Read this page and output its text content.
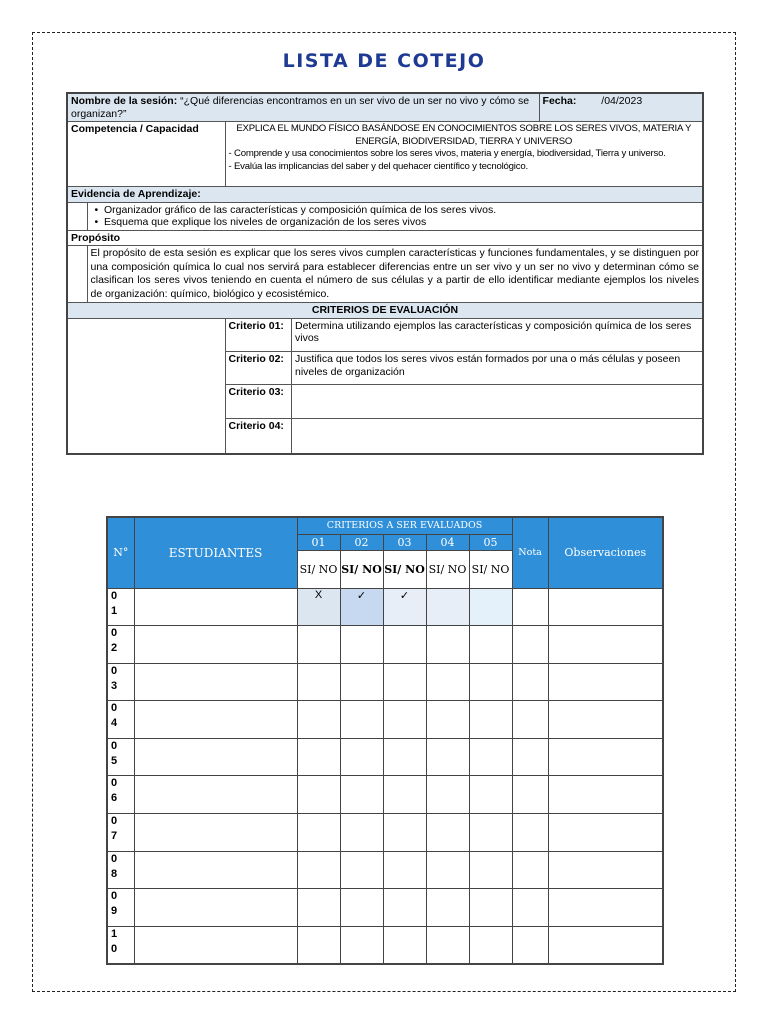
LISTA DE COTEJO
Nombre de la sesión: “¿Qué diferencias encontramos en un ser vivo de un ser no vivo y cómo se organizan?”	Fecha: /04/2023
Competencia / Capacidad	EXPLICA EL MUNDO FÍSICO BASÁNDOSE EN CONOCIMIENTOS SOBRE LOS SERES VIVOS, MATERIA Y ENERGÍA, BIODIVERSIDAD, TIERRA Y UNIVERSO
- Comprende y usa conocimientos sobre los seres vivos, materia y energía, biodiversidad, Tierra y universo.
- Evalúa las implicancias del saber y del quehacer científico y tecnológico.

Evidencia de Aprendizaje:

•  Organizador gráfico de las características y composición química de los seres vivos.
•  Esquema que explique los niveles de organización de los seres vivos

Propósito
	El propósito de esta sesión es explicar que los seres vivos cumplen características y funciones fundamentales, y se distinguen por una composición química lo cual nos servirá para establecer diferencias entre un ser vivo y un ser no vivo y determinan cómo se clasifican los seres vivos teniendo en cuenta el número de sus células y a partir de ello identificar mediante ejemplos los niveles de organización: químico, biológico y ecosistémico.
CRITERIOS DE EVALUACIÓN

Criterio 01:	Determina utilizando ejemplos las características y composición química de los seres vivos
Criterio 02:	Justifica que todos los seres vivos están formados por una o más células y poseen niveles de organización
Criterio 03:	
Criterio 04:	

N°	ESTUDIANTES	CRITERIOS A SER EVALUADOS					Nota	Observaciones
		01	02	03	04	05		
		SI/ NO	SI/ NO	SI/ NO	SI/ NO	SI/ NO		

0
1		X	✓	✓				

0
2								

0
3								

0
4								

0
5								

0
6								

0
7								

0
8								

0
9								

1
0								
